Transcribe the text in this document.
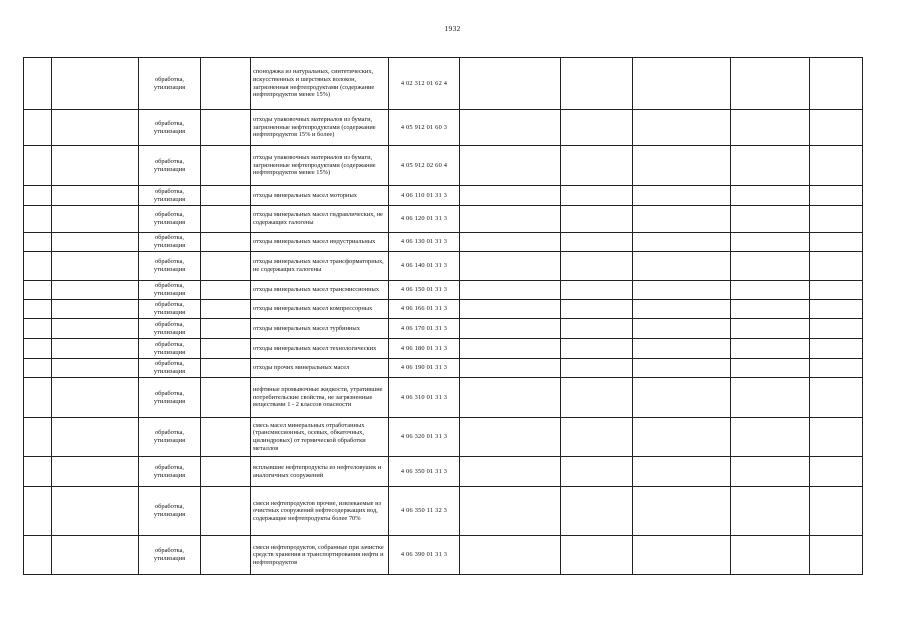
1932
		обработка, утилизация		споноджжа из натуральных, синтетических, искусственных и шерстяных волокон, загрязненная нефтепродуктами (содержание нефтепродуктов менее 15%)	4 02 312 01 62 4					
		обработка, утилизация		отходы упаковочных материалов из бумаги, загрязненные нефтепродуктами (содержание нефтепродуктов 15% и более)	4 05 912 01 60 3					
		обработка, утилизация		отходы упаковочных материалов из бумаги, загрязненные нефтепродуктами (содержание нефтепродуктов менее 15%)	4 05 912 02 60 4					
		обработка, утилизация		отходы минеральных масел моторных	4 06 110 01 31 3					
		обработка, утилизация		отходы минеральных масел гидравлических, не содержащих галогены	4 06 120 01 31 3					
		обработка, утилизация		отходы минеральных масел индустриальных	4 06 130 01 31 3					
		обработка, утилизация		отходы минеральных масел трансформаторных, не содержащих галогены	4 06 140 01 31 3					
		обработка, утилизация		отходы минеральных масел трансмиссионных	4 06 150 01 31 3					
		обработка, утилизация		отходы минеральных масел компрессорных	4 06 166 01 31 3					
		обработка, утилизация		отходы минеральных масел турбинных	4 06 170 01 31 3					
		обработка, утилизация		отходы минеральных масел технологических	4 06 180 01 31 3					
		обработка, утилизация		отходы прочих минеральных масел	4 06 190 01 31 3					
		обработка, утилизация		нефтяные промывочные жидкости, утратившие потребительские свойства, не загрязненные веществами 1 - 2 классов опасности	4 06 310 01 31 3					
		обработка, утилизация		смесь масел минеральных отработанных (трансмиссионных, осевых, обкаточных, цилиндровых) от термической обработки металлов	4 06 320 01 31 3					
		обработка, утилизация		всплывшие нефтепродукты из нефтеловушек и аналогичных сооружений	4 06 350 01 31 3					
		обработка, утилизация		смеси нефтепродуктов прочие, извлекаемые из очистных сооружений нефтесодержащих вод, содержащие нефтепродукты более 70%	4 06 350 11 32 3					
		обработка, утилизация		смеси нефтепродуктов, собранные при зачистке средств хранения и транспортирования нефти и нефтепродуктов	4 06 390 01 31 3					
